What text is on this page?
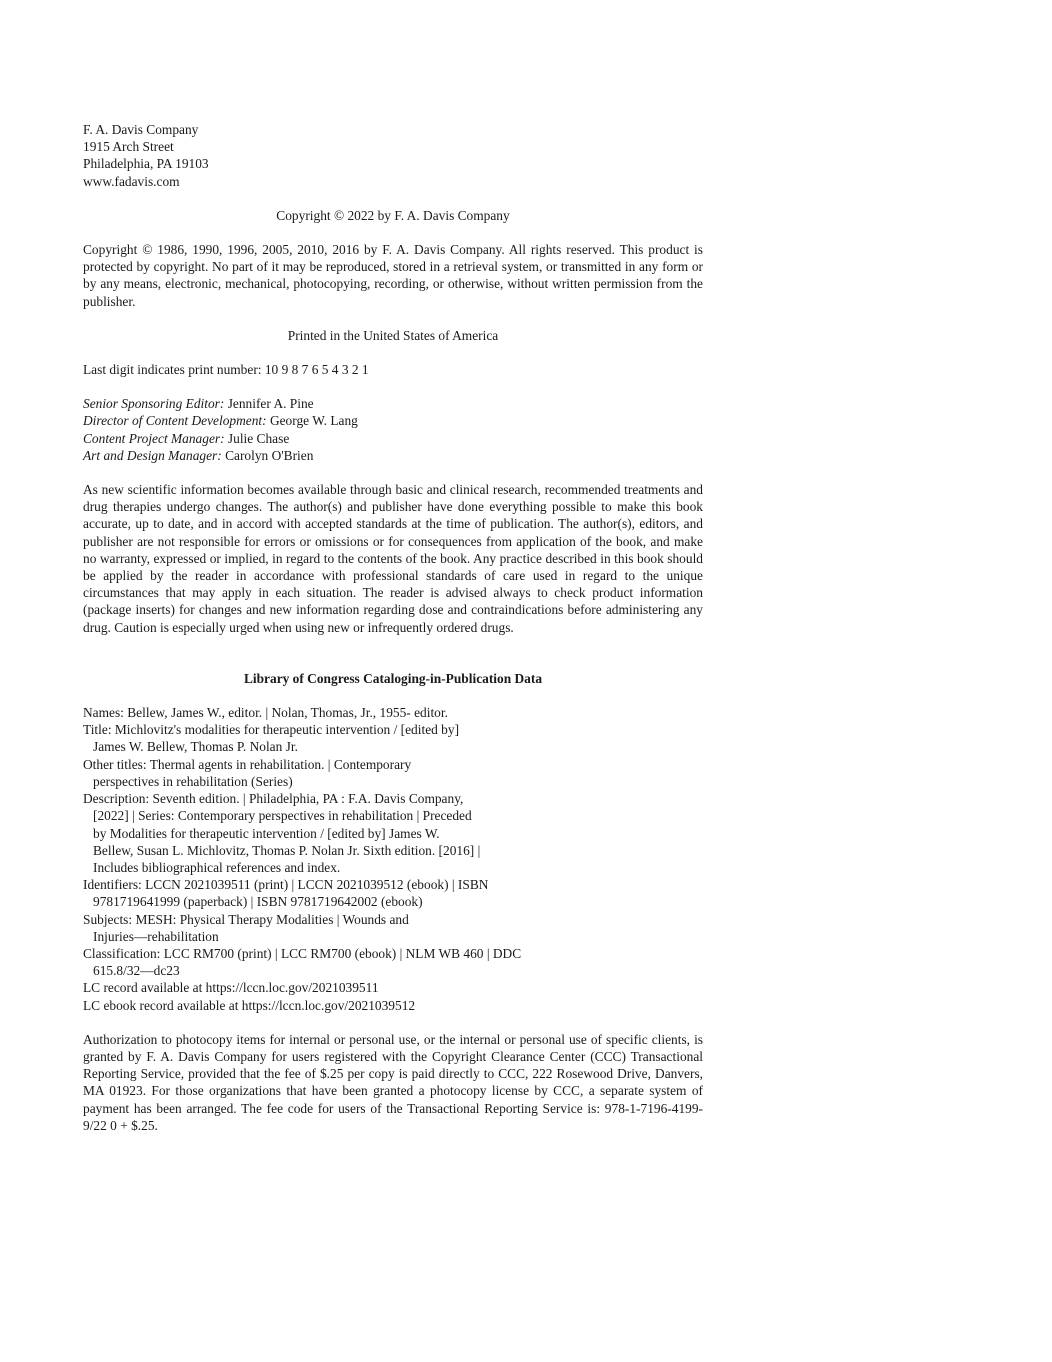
F. A. Davis Company
1915 Arch Street
Philadelphia, PA 19103
www.fadavis.com
Copyright © 2022 by F. A. Davis Company

Copyright © 1986, 1990, 1996, 2005, 2010, 2016 by F. A. Davis Company. All rights reserved. This product is protected by copyright. No part of it may be reproduced, stored in a retrieval system, or transmitted in any form or by any means, electronic, mechanical, photocopying, recording, or otherwise, without written permission from the publisher.

Printed in the United States of America
Last digit indicates print number: 10 9 8 7 6 5 4 3 2 1
Senior Sponsoring Editor: Jennifer A. Pine
Director of Content Development: George W. Lang
Content Project Manager: Julie Chase
Art and Design Manager: Carolyn O'Brien

As new scientific information becomes available through basic and clinical research, recommended treatments and drug therapies undergo changes. The author(s) and publisher have done everything possible to make this book accurate, up to date, and in accord with accepted standards at the time of publication. The author(s), editors, and publisher are not responsible for errors or omissions or for consequences from application of the book, and make no warranty, expressed or implied, in regard to the contents of the book. Any practice described in this book should be applied by the reader in accordance with professional standards of care used in regard to the unique circumstances that may apply in each situation. The reader is advised always to check product information (package inserts) for changes and new information regarding dose and contraindications before administering any drug. Caution is especially urged when using new or infrequently ordered drugs.

Library of Congress Cataloging-in-Publication Data
Names: Bellew, James W., editor. | Nolan, Thomas, Jr., 1955- editor.
Title: Michlovitz's modalities for therapeutic intervention / [edited by]
James W. Bellew, Thomas P. Nolan Jr.
Other titles: Thermal agents in rehabilitation. | Contemporary
perspectives in rehabilitation (Series)
Description: Seventh edition. | Philadelphia, PA : F.A. Davis Company,
[2022] | Series: Contemporary perspectives in rehabilitation | Preceded
by Modalities for therapeutic intervention / [edited by] James W.
Bellew, Susan L. Michlovitz, Thomas P. Nolan Jr. Sixth edition. [2016] |
Includes bibliographical references and index.
Identifiers: LCCN 2021039511 (print) | LCCN 2021039512 (ebook) | ISBN
9781719641999 (paperback) | ISBN 9781719642002 (ebook)
Subjects: MESH: Physical Therapy Modalities | Wounds and
Injuries—rehabilitation
Classification: LCC RM700 (print) | LCC RM700 (ebook) | NLM WB 460 | DDC
615.8/32—dc23
LC record available at https://lccn.loc.gov/2021039511
LC ebook record available at https://lccn.loc.gov/2021039512

Authorization to photocopy items for internal or personal use, or the internal or personal use of specific clients, is granted by F. A. Davis Company for users registered with the Copyright Clearance Center (CCC) Transactional Reporting Service, provided that the fee of $.25 per copy is paid directly to CCC, 222 Rosewood Drive, Danvers, MA 01923. For those organizations that have been granted a photocopy license by CCC, a separate system of payment has been arranged. The fee code for users of the Transactional Reporting Service is: 978-1-7196-4199-9/22 0 + $.25.
